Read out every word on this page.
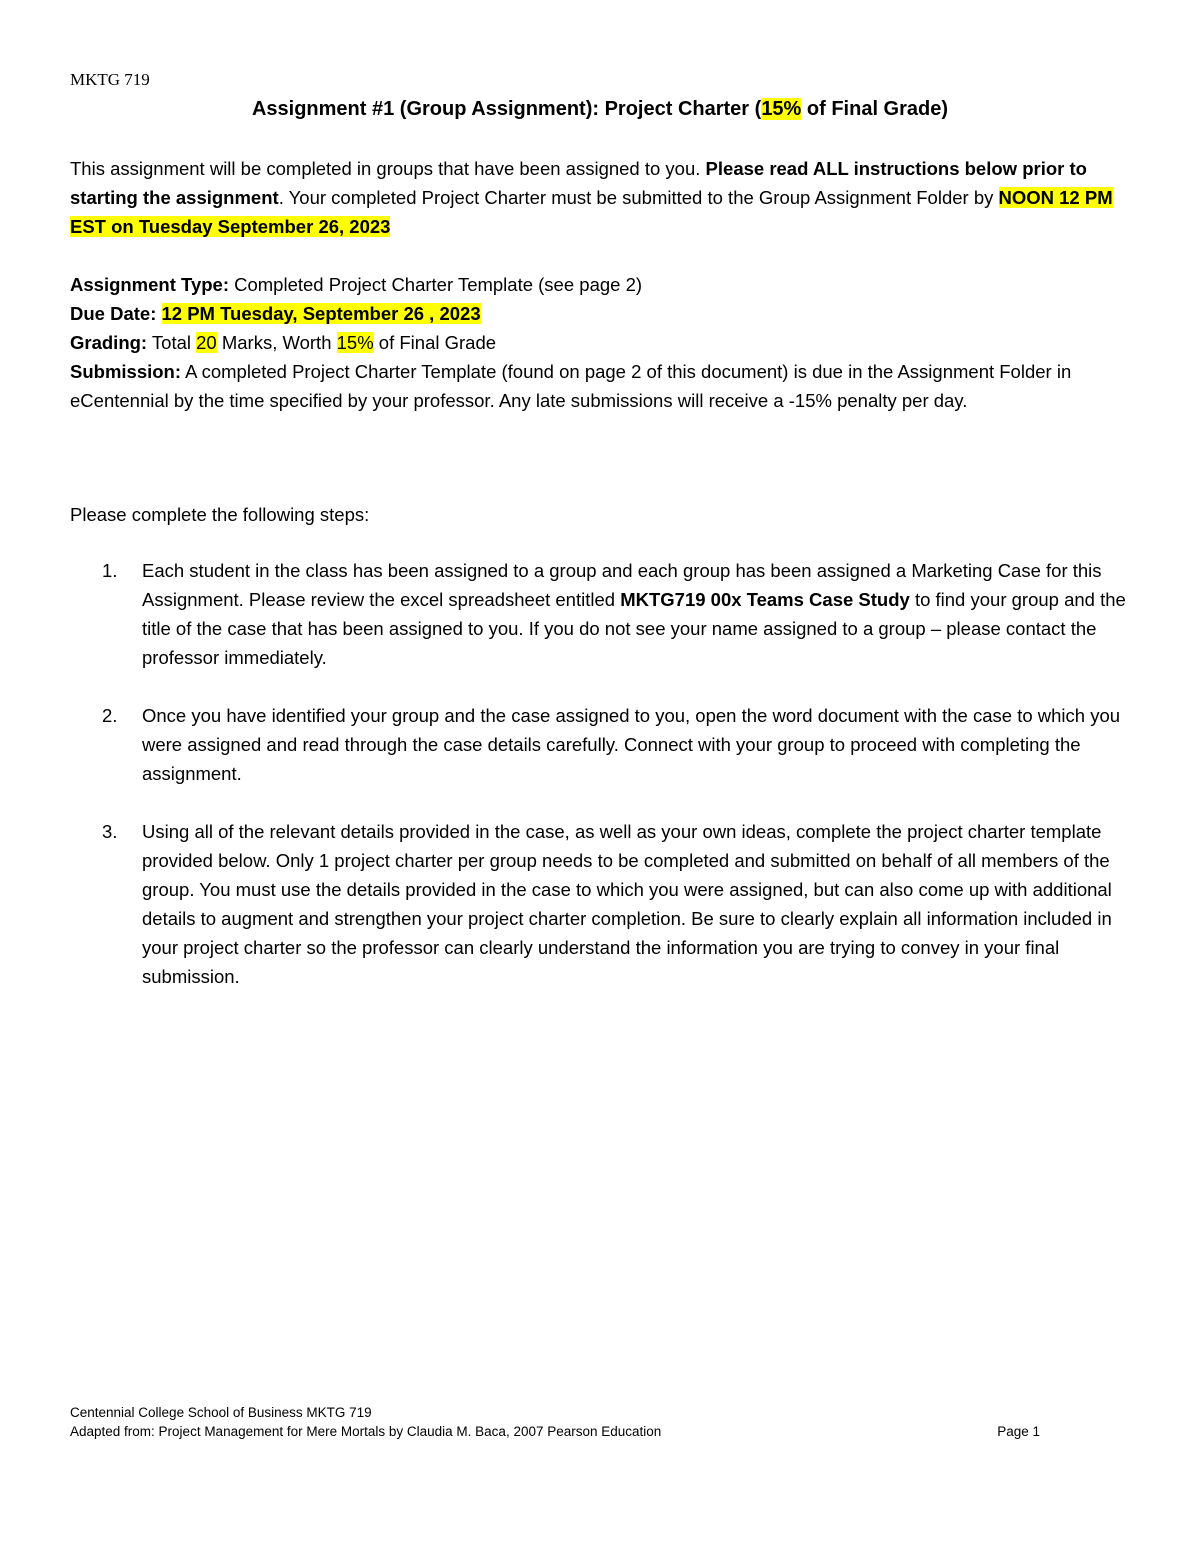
MKTG 719
Assignment #1 (Group Assignment): Project Charter (15% of Final Grade)

This assignment will be completed in groups that have been assigned to you. Please read ALL instructions below prior to starting the assignment. Your completed Project Charter must be submitted to the Group Assignment Folder by NOON 12 PM EST on Tuesday September 26, 2023

Assignment Type: Completed Project Charter Template (see page 2)
Due Date: 12 PM Tuesday, September 26 , 2023
Grading: Total 20 Marks, Worth 15% of Final Grade
Submission: A completed Project Charter Template (found on page 2 of this document) is due in the Assignment Folder in eCentennial by the time specified by your professor. Any late submissions will receive a -15% penalty per day.

Please complete the following steps:

1. Each student in the class has been assigned to a group and each group has been assigned a Marketing Case for this Assignment. Please review the excel spreadsheet entitled MKTG719 00x Teams Case Study to find your group and the title of the case that has been assigned to you. If you do not see your name assigned to a group – please contact the professor immediately.
2. Once you have identified your group and the case assigned to you, open the word document with the case to which you were assigned and read through the case details carefully. Connect with your group to proceed with completing the assignment.
3. Using all of the relevant details provided in the case, as well as your own ideas, complete the project charter template provided below. Only 1 project charter per group needs to be completed and submitted on behalf of all members of the group. You must use the details provided in the case to which you were assigned, but can also come up with additional details to augment and strengthen your project charter completion. Be sure to clearly explain all information included in your project charter so the professor can clearly understand the information you are trying to convey in your final submission.
Centennial College School of Business MKTG 719
Adapted from: Project Management for Mere Mortals by Claudia M. Baca, 2007 Pearson Education	Page 1
